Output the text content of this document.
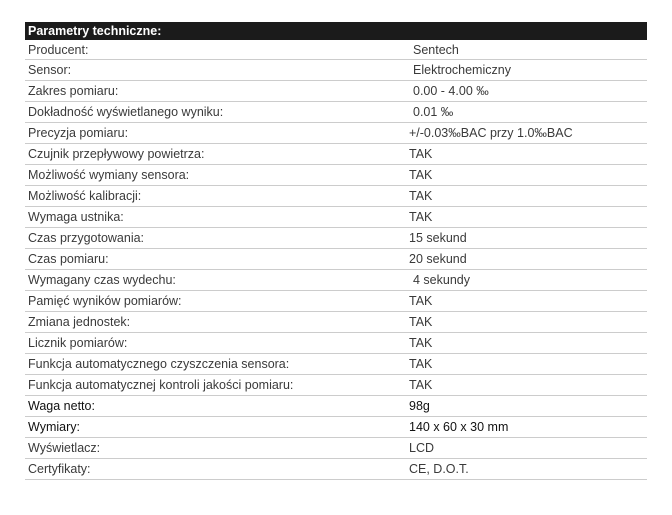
Parametry techniczne:
Producent:	Sentech
Sensor:	Elektrochemiczny
Zakres pomiaru:	0.00 - 4.00 ‰
Dokładność wyświetlanego wyniku:	0.01 ‰
Precyzja pomiaru:	+/-0.03‰BAC przy 1.0‰BAC
Czujnik przepływowy powietrza:	TAK
Możliwość wymiany sensora:	TAK
Możliwość kalibracji:	TAK
Wymaga ustnika:	TAK
Czas przygotowania:	15 sekund
Czas pomiaru:	20 sekund
Wymagany czas wydechu:	4 sekundy
Pamięć wyników pomiarów:	TAK
Zmiana jednostek:	TAK
Licznik pomiarów:	TAK
Funkcja automatycznego czyszczenia sensora:	TAK
Funkcja automatycznej kontroli jakości pomiaru:	TAK
Waga netto:	98g
Wymiary:	140 x 60 x 30 mm
Wyświetlacz:	LCD
Certyfikaty:	CE, D.O.T.
